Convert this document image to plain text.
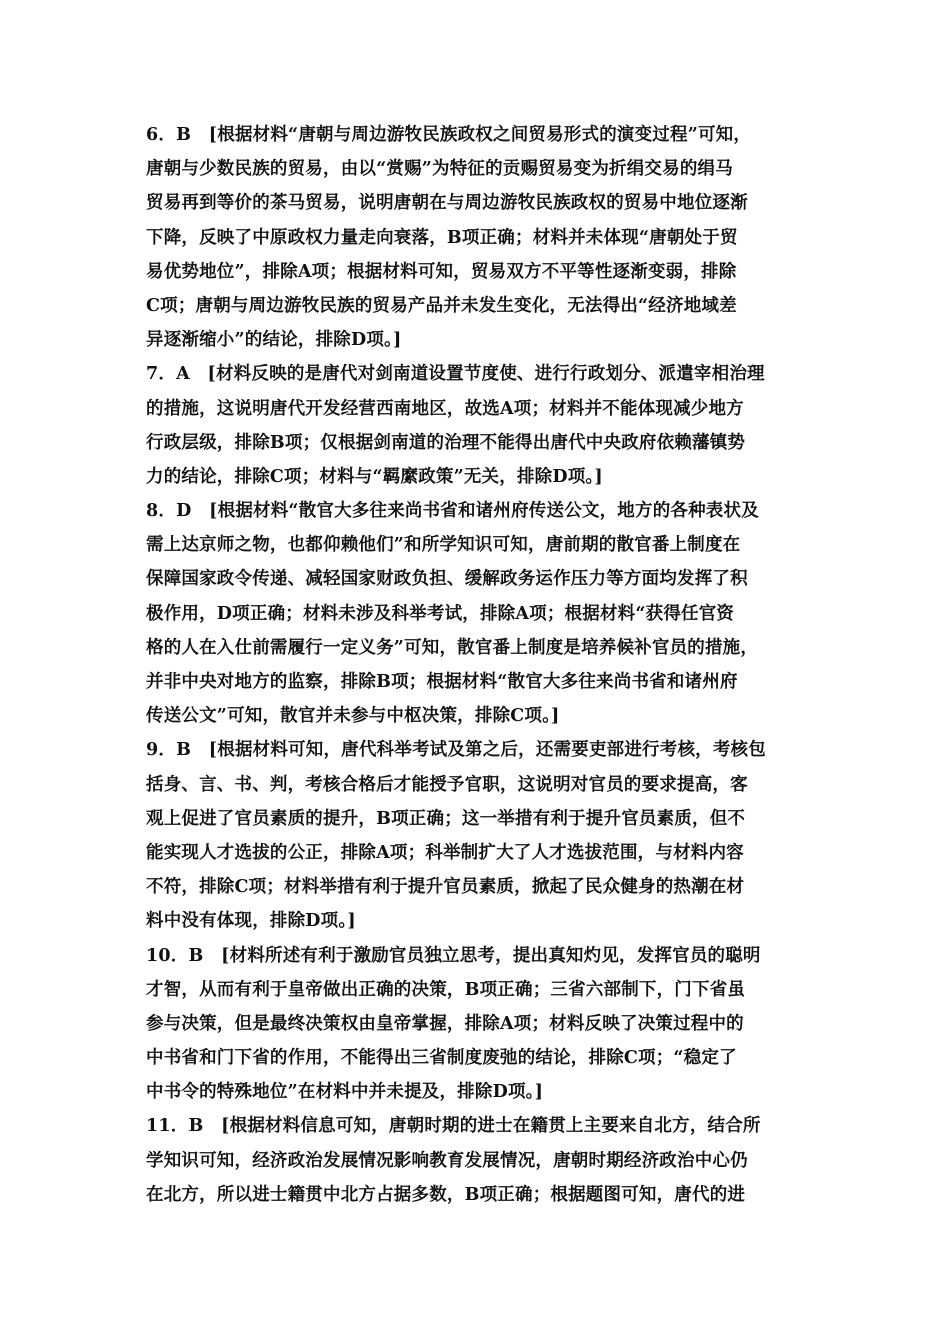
6．B　[根据材料“唐朝与周边游牧民族政权之间贸易形式的演变过程”可知，
唐朝与少数民族的贸易，由以“赏赐”为特征的贡赐贸易变为折绢交易的绢马
贸易再到等价的茶马贸易，说明唐朝在与周边游牧民族政权的贸易中地位逐渐
下降，反映了中原政权力量走向衰落，B项正确；材料并未体现“唐朝处于贸
易优势地位”，排除A项；根据材料可知，贸易双方不平等性逐渐变弱，排除
C项；唐朝与周边游牧民族的贸易产品并未发生变化，无法得出“经济地域差
异逐渐缩小”的结论，排除D项。]
7．A　[材料反映的是唐代对剑南道设置节度使、进行行政划分、派遣宰相治理
的措施，这说明唐代开发经营西南地区，故选A项；材料并不能体现减少地方
行政层级，排除B项；仅根据剑南道的治理不能得出唐代中央政府依赖藩镇势
力的结论，排除C项；材料与“羁縻政策”无关，排除D项。]
8．D　[根据材料“散官大多往来尚书省和诸州府传送公文，地方的各种表状及
需上达京师之物，也都仰赖他们”和所学知识可知，唐前期的散官番上制度在
保障国家政令传递、减轻国家财政负担、缓解政务运作压力等方面均发挥了积
极作用，D项正确；材料未涉及科举考试，排除A项；根据材料“获得任官资
格的人在入仕前需履行一定义务”可知，散官番上制度是培养候补官员的措施，
并非中央对地方的监察，排除B项；根据材料“散官大多往来尚书省和诸州府
传送公文”可知，散官并未参与中枢决策，排除C项。]
9．B　[根据材料可知，唐代科举考试及第之后，还需要吏部进行考核，考核包
括身、言、书、判，考核合格后才能授予官职，这说明对官员的要求提高，客
观上促进了官员素质的提升，B项正确；这一举措有利于提升官员素质，但不
能实现人才选拔的公正，排除A项；科举制扩大了人才选拔范围，与材料内容
不符，排除C项；材料举措有利于提升官员素质，掀起了民众健身的热潮在材
料中没有体现，排除D项。]
10．B　[材料所述有利于激励官员独立思考，提出真知灼见，发挥官员的聪明
才智，从而有利于皇帝做出正确的决策，B项正确；三省六部制下，门下省虽
参与决策，但是最终决策权由皇帝掌握，排除A项；材料反映了决策过程中的
中书省和门下省的作用，不能得出三省制度废弛的结论，排除C项；“稳定了
中书令的特殊地位”在材料中并未提及，排除D项。]
11．B　[根据材料信息可知，唐朝时期的进士在籍贯上主要来自北方，结合所
学知识可知，经济政治发展情况影响教育发展情况，唐朝时期经济政治中心仍
在北方，所以进士籍贯中北方占据多数，B项正确；根据题图可知，唐代的进
